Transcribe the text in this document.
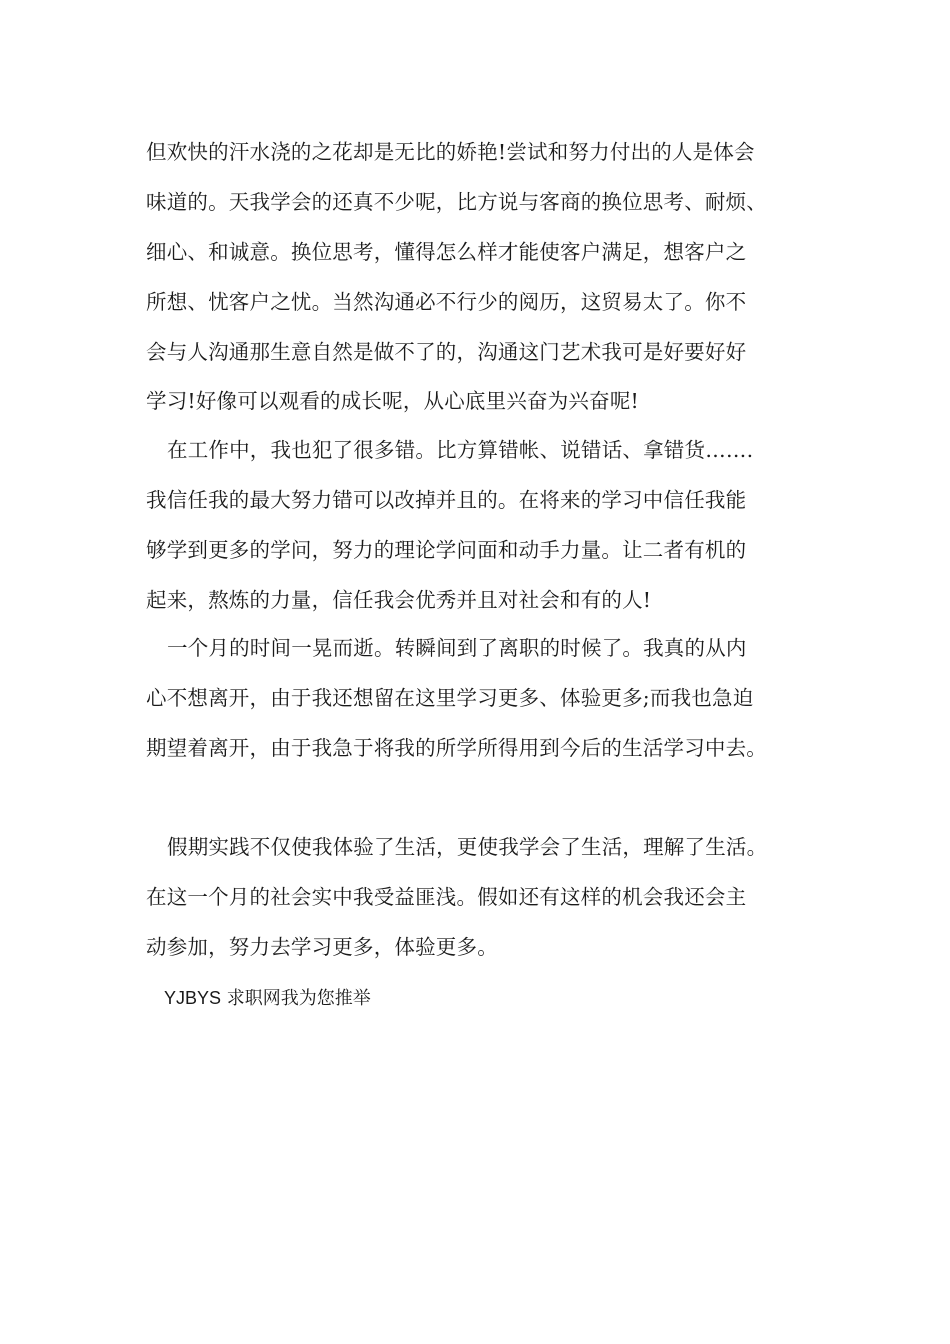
但欢快的汗水浇的之花却是无比的娇艳!尝试和努力付出的人是体会
味道的。天我学会的还真不少呢，比方说与客商的换位思考、耐烦、
细心、和诚意。换位思考，懂得怎么样才能使客户满足，想客户之
所想、忧客户之忧。当然沟通必不行少的阅历，这贸易太了。你不
会与人沟通那生意自然是做不了的，沟通这门艺术我可是好要好好
学习!好像可以观看的成长呢，从心底里兴奋为兴奋呢!
在工作中，我也犯了很多错。比方算错帐、说错话、拿错货…….
我信任我的最大努力错可以改掉并且的。在将来的学习中信任我能
够学到更多的学问，努力的理论学问面和动手力量。让二者有机的
起来，熬炼的力量，信任我会优秀并且对社会和有的人!
一个月的时间一晃而逝。转瞬间到了离职的时候了。我真的从内
心不想离开，由于我还想留在这里学习更多、体验更多;而我也急迫
期望着离开，由于我急于将我的所学所得用到今后的生活学习中去。
假期实践不仅使我体验了生活，更使我学会了生活，理解了生活。
在这一个月的社会实中我受益匪浅。假如还有这样的机会我还会主
动参加，努力去学习更多，体验更多。
YJBYS 求职网我为您推举
